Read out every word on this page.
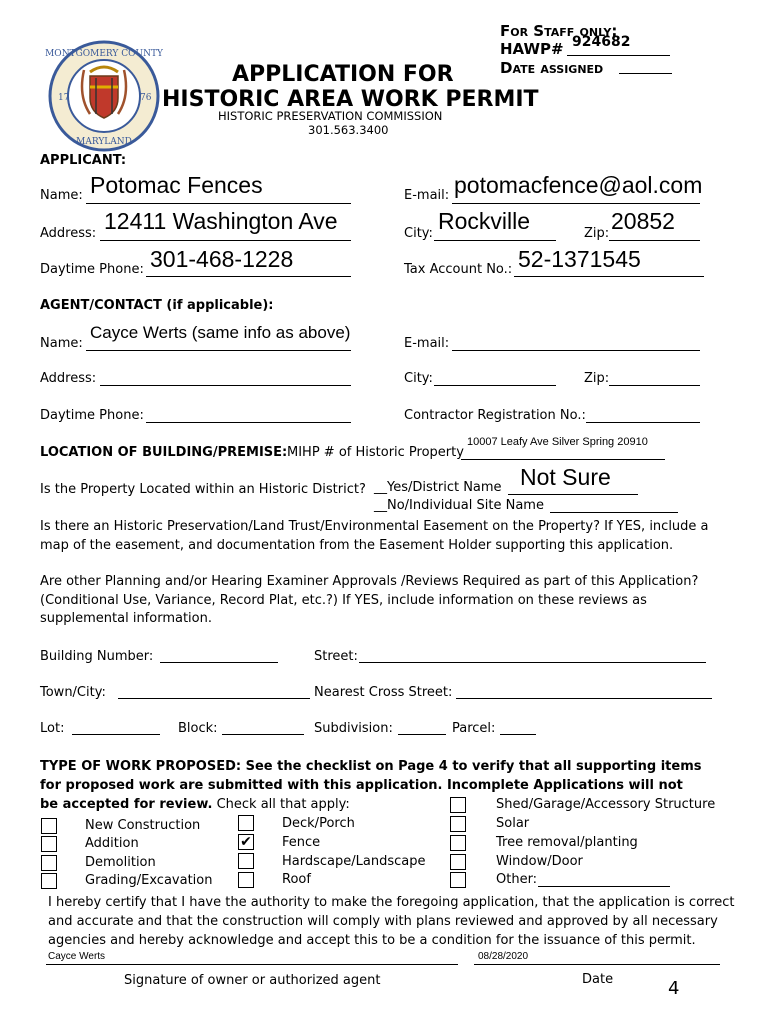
For Staff only:
HAWP# 924682
Date assigned
MONTGOMERY COUNTY
MARYLAND
17	76
APPLICATION FOR
HISTORIC AREA WORK PERMIT
HISTORIC PRESERVATION COMMISSION
301.563.3400
APPLICANT:
Name: Potomac Fences	E-mail: potomacfence@aol.com
Address: 12411 Washington Ave	City: Rockville	Zip: 20852
Daytime Phone: 301-468-1228	Tax Account No.: 52-1371545
AGENT/CONTACT (if applicable):
Name:
Cayce Werts (same info as above)
E-mail:
Address:	City:	Zip:
Daytime Phone:	Contractor Registration No.:
LOCATION OF BUILDING/PREMISE: MIHP # of Historic Property
10007 Leafy Ave Silver Spring 20910
Is the Property Located within an Historic District? __Yes/District Name Not Sure
__No/Individual Site Name
Is there an Historic Preservation/Land Trust/Environmental Easement on the Property? If YES, include a
map of the easement, and documentation from the Easement Holder supporting this application.
Are other Planning and/or Hearing Examiner Approvals /Reviews Required as part of this Application?
(Conditional Use, Variance, Record Plat, etc.?) If YES, include information on these reviews as
supplemental information.
Building Number:	Street:
Town/City:	Nearest Cross Street:
Lot:	Block:	Subdivision:	Parcel:
TYPE OF WORK PROPOSED: See the checklist on Page 4 to verify that all supporting items
for proposed work are submitted with this application. Incomplete Applications will not
be accepted for review. Check all that apply:
New Construction
Addition
Demolition
Grading/Excavation
Deck/Porch
✔ Fence
Hardscape/Landscape
Roof
Shed/Garage/Accessory Structure
Solar
Tree removal/planting
Window/Door
Other:
I hereby certify that I have the authority to make the foregoing application, that the application is correct
and accurate and that the construction will comply with plans reviewed and approved by all necessary
agencies and hereby acknowledge and accept this to be a condition for the issuance of this permit.
Cayce Werts	08/28/2020
Signature of owner or authorized agent	Date	4
